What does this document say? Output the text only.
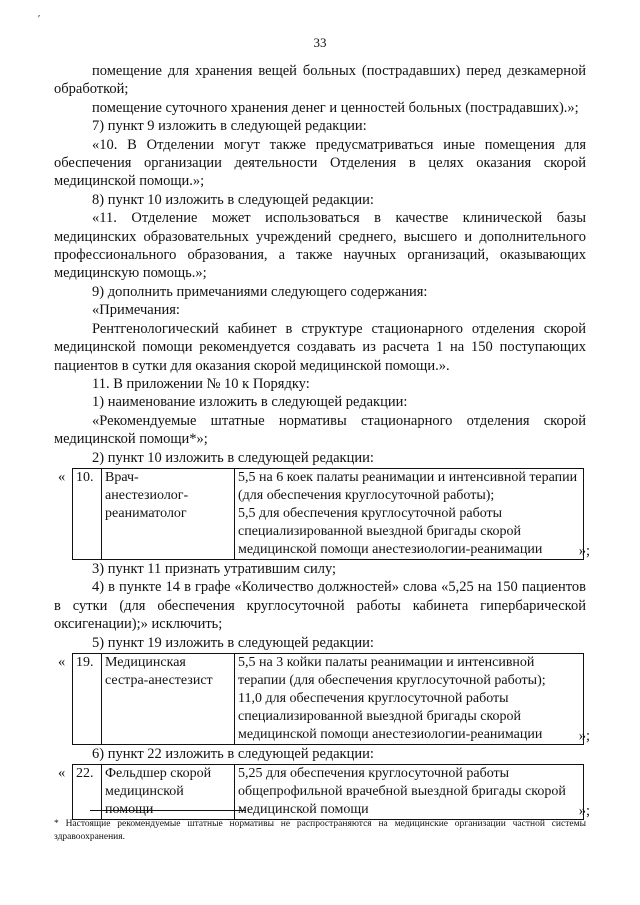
ʹ
33

помещение для хранения вещей больных (пострадавших) перед дезкамерной обработкой;

помещение суточного хранения денег и ценностей больных (пострадавших).»;

7) пункт 9 изложить в следующей редакции:

«10. В Отделении могут также предусматриваться иные помещения для обеспечения организации деятельности Отделения в целях оказания скорой медицинской помощи.»;

8) пункт 10 изложить в следующей редакции:

«11. Отделение может использоваться в качестве клинической базы медицинских образовательных учреждений среднего, высшего и дополнительного профессионального образования, а также научных организаций, оказывающих медицинскую помощь.»;

9) дополнить примечаниями следующего содержания:

«Примечания:

Рентгенологический кабинет в структуре стационарного отделения скорой медицинской помощи рекомендуется создавать из расчета 1 на 150 поступающих пациентов в сутки для оказания скорой медицинской помощи.».

11. В приложении № 10 к Порядку:

1) наименование изложить в следующей редакции:

«Рекомендуемые штатные нормативы стационарного отделения скорой медицинской помощи*»;

2) пункт 10 изложить в следующей редакции:

« 10.	Врач-
анестезиолог-
реаниматолог	5,5 на 6 коек палаты реанимации и интенсивной терапии (для обеспечения круглосуточной работы);
5,5 для обеспечения круглосуточной работы специализированной выездной бригады скорой медицинской помощи анестезиологии-реанимации	»;

3) пункт 11 признать утратившим силу;

4) в пункте 14 в графе «Количество должностей» слова «5,25 на 150 пациентов в сутки (для обеспечения круглосуточной работы кабинета гипербарической оксигенации);» исключить;

5) пункт 19 изложить в следующей редакции:

« 19.	Медицинская
сестра-анестезист	5,5 на 3 койки палаты реанимации и интенсивной терапии (для обеспечения круглосуточной работы);
11,0 для обеспечения круглосуточной работы специализированной выездной бригады скорой медицинской помощи анестезиологии-реанимации	»;

6) пункт 22 изложить в следующей редакции:

« 22.	Фельдшер скорой
медицинской
помощи	5,25 для обеспечения круглосуточной работы общепрофильной врачебной выездной бригады скорой медицинской помощи	»;
* Настоящие рекомендуемые штатные нормативы не распространяются на медицинские организации частной системы здравоохранения.
